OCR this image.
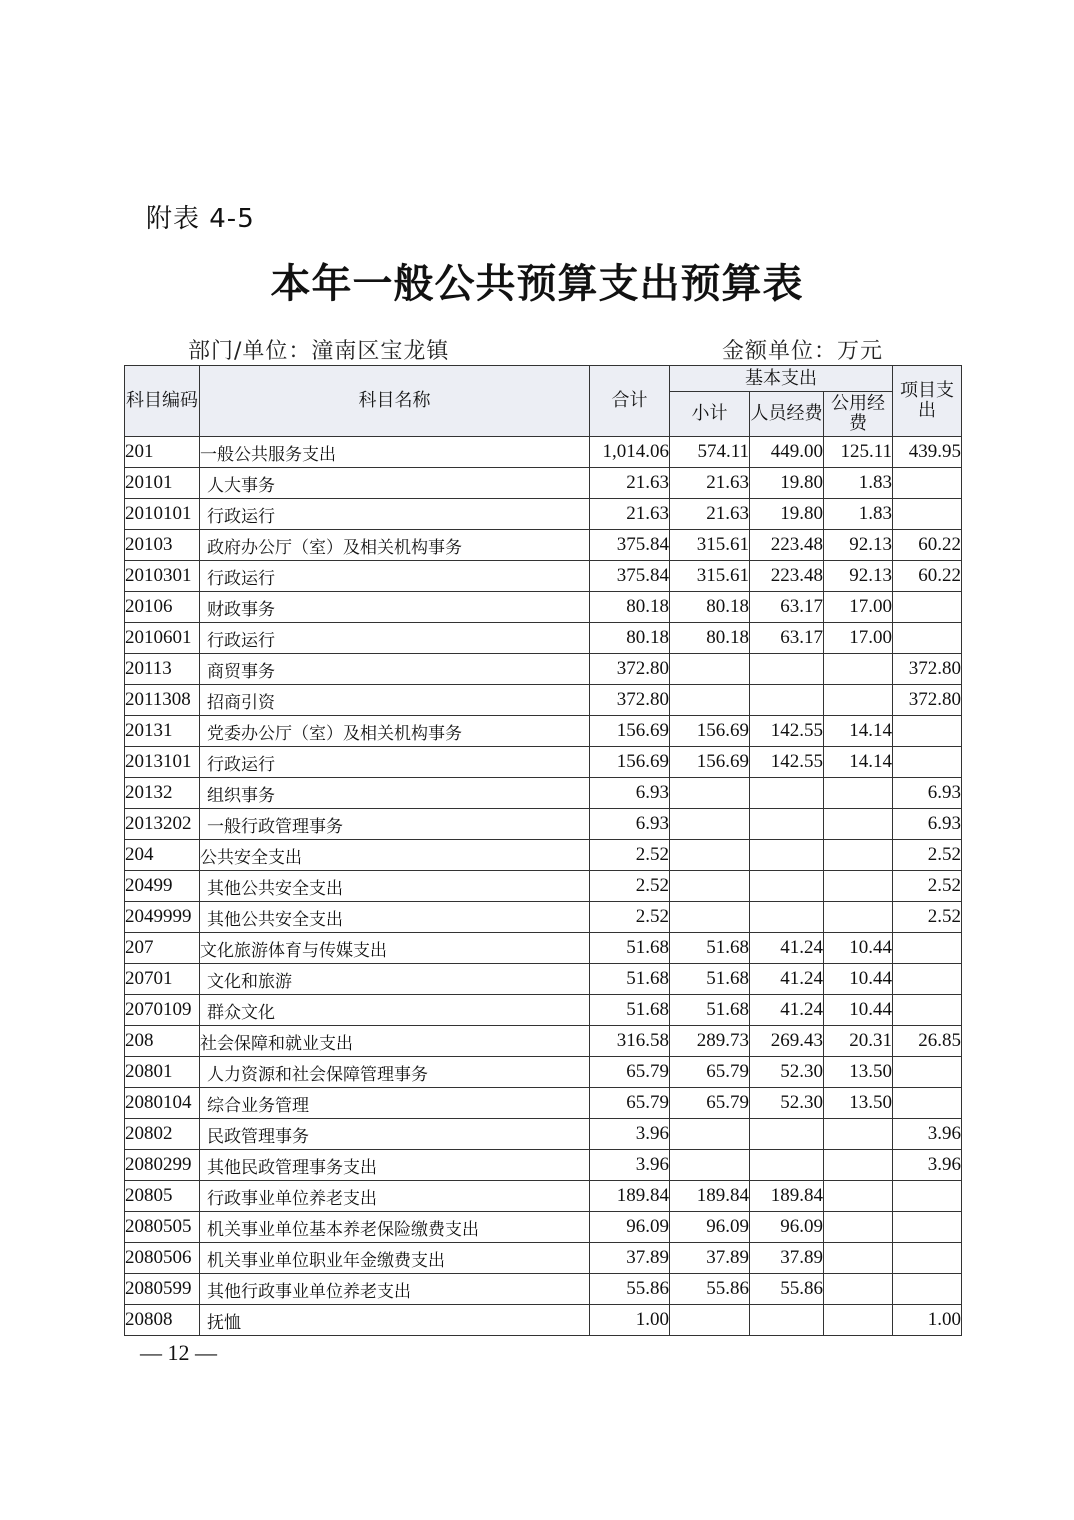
附表 4-5
本年一般公共预算支出预算表
部门/单位：潼南区宝龙镇	金额单位：万元
科目编码	科目名称	合计	基本支出			项目支出
			小计	人员经费	公用经费	
201	一般公共服务支出	1,014.06	574.11	449.00	125.11	439.95
20101	人大事务	21.63	21.63	19.80	1.83	
2010101	行政运行	21.63	21.63	19.80	1.83	
20103	政府办公厅（室）及相关机构事务	375.84	315.61	223.48	92.13	60.22
2010301	行政运行	375.84	315.61	223.48	92.13	60.22
20106	财政事务	80.18	80.18	63.17	17.00	
2010601	行政运行	80.18	80.18	63.17	17.00	
20113	商贸事务	372.80				372.80
2011308	招商引资	372.80				372.80
20131	党委办公厅（室）及相关机构事务	156.69	156.69	142.55	14.14	
2013101	行政运行	156.69	156.69	142.55	14.14	
20132	组织事务	6.93				6.93
2013202	一般行政管理事务	6.93				6.93
204	公共安全支出	2.52				2.52
20499	其他公共安全支出	2.52				2.52
2049999	其他公共安全支出	2.52				2.52
207	文化旅游体育与传媒支出	51.68	51.68	41.24	10.44	
20701	文化和旅游	51.68	51.68	41.24	10.44	
2070109	群众文化	51.68	51.68	41.24	10.44	
208	社会保障和就业支出	316.58	289.73	269.43	20.31	26.85
20801	人力资源和社会保障管理事务	65.79	65.79	52.30	13.50	
2080104	综合业务管理	65.79	65.79	52.30	13.50	
20802	民政管理事务	3.96				3.96
2080299	其他民政管理事务支出	3.96				3.96
20805	行政事业单位养老支出	189.84	189.84	189.84		
2080505	机关事业单位基本养老保险缴费支出	96.09	96.09	96.09		
2080506	机关事业单位职业年金缴费支出	37.89	37.89	37.89		
2080599	其他行政事业单位养老支出	55.86	55.86	55.86		
20808	抚恤	1.00				1.00
— 12 —
